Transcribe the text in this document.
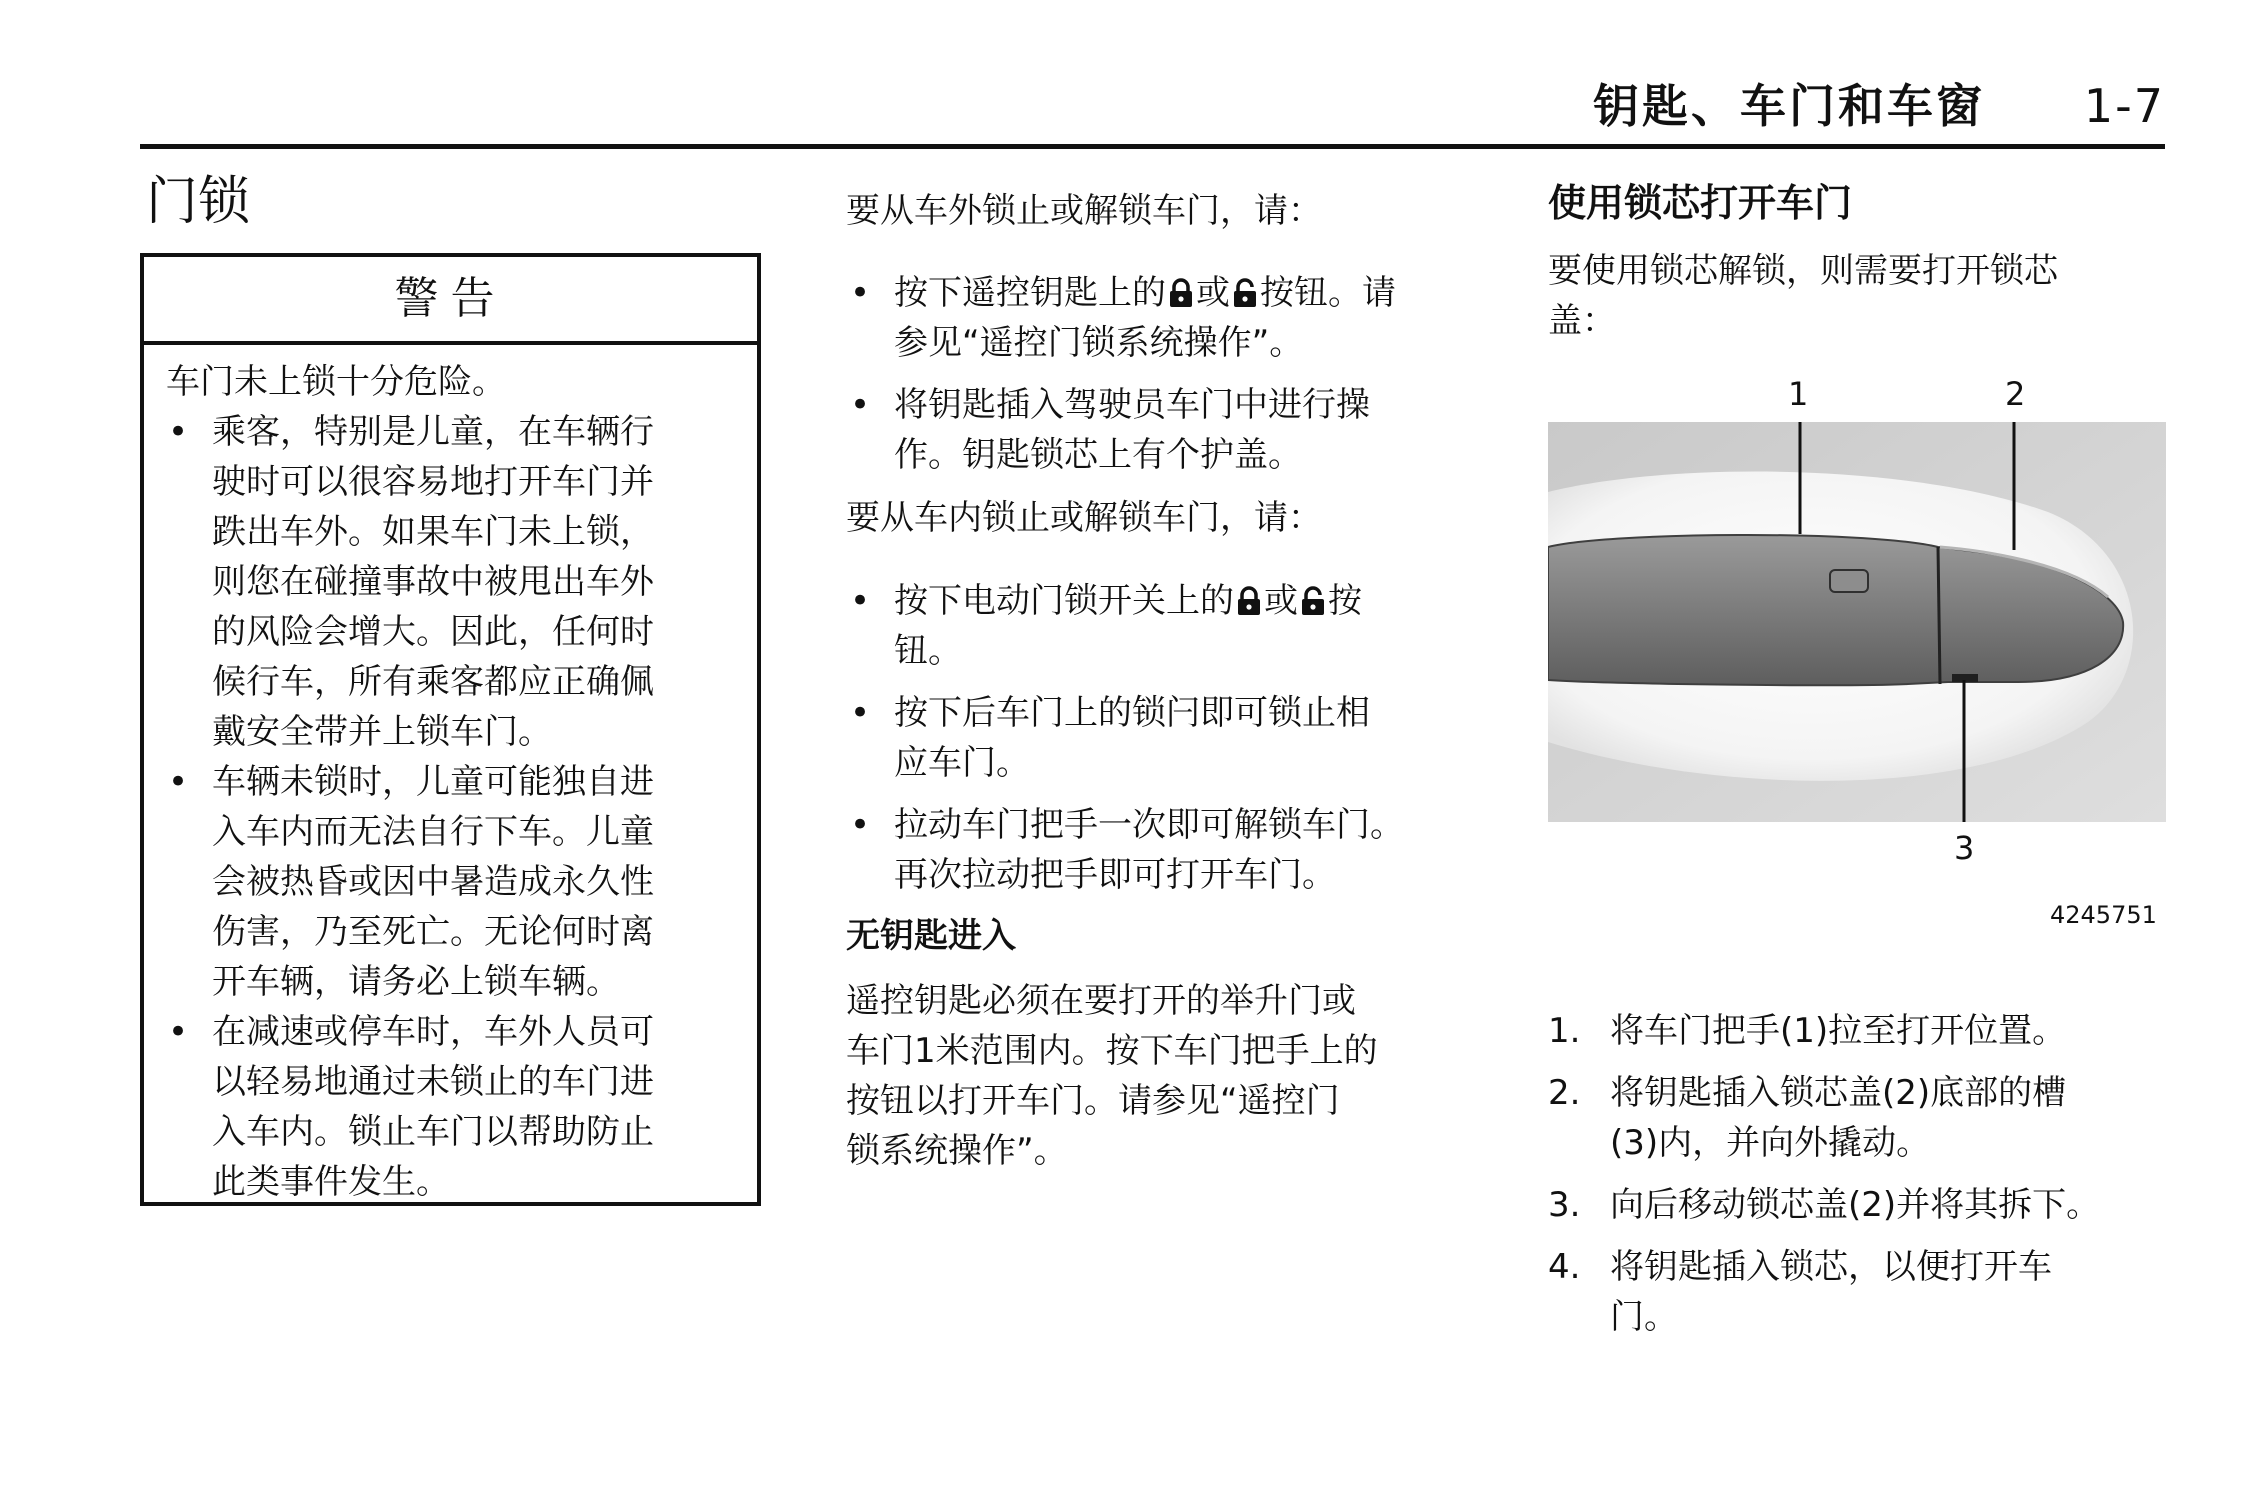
钥匙、车门和车窗 1-7
门锁
警告
车门未上锁十分危险。
• 乘客，特别是儿童，在车辆行
驶时可以很容易地打开车门并
跌出车外。如果车门未上锁，
则您在碰撞事故中被甩出车外
的风险会增大。因此，任何时
候行车，所有乘客都应正确佩
戴安全带并上锁车门。
• 车辆未锁时，儿童可能独自进
入车内而无法自行下车。儿童
会被热昏或因中暑造成永久性
伤害，乃至死亡。无论何时离
开车辆，请务必上锁车辆。
• 在减速或停车时，车外人员可
以轻易地通过未锁止的车门进
入车内。锁止车门以帮助防止
此类事件发生。
要从车外锁止或解锁车门，请：
• 按下遥控钥匙上的 或 按钮。请
参见“遥控门锁系统操作”。
• 将钥匙插入驾驶员车门中进行操
作。钥匙锁芯上有个护盖。
要从车内锁止或解锁车门，请：
• 按下电动门锁开关上的 或 按
钮。
• 按下后车门上的锁闩即可锁止相
应车门。
• 拉动车门把手一次即可解锁车门。
再次拉动把手即可打开车门。
无钥匙进入
遥控钥匙必须在要打开的举升门或
车门1米范围内。按下车门把手上的
按钮以打开车门。请参见“遥控门
锁系统操作”。
使用锁芯打开车门
要使用锁芯解锁，则需要打开锁芯
盖：
1	2
3
4245751
1. 将车门把手(1)拉至打开位置。
2. 将钥匙插入锁芯盖(2)底部的槽
(3)内，并向外撬动。
3. 向后移动锁芯盖(2)并将其拆下。
4. 将钥匙插入锁芯，以便打开车
门。
